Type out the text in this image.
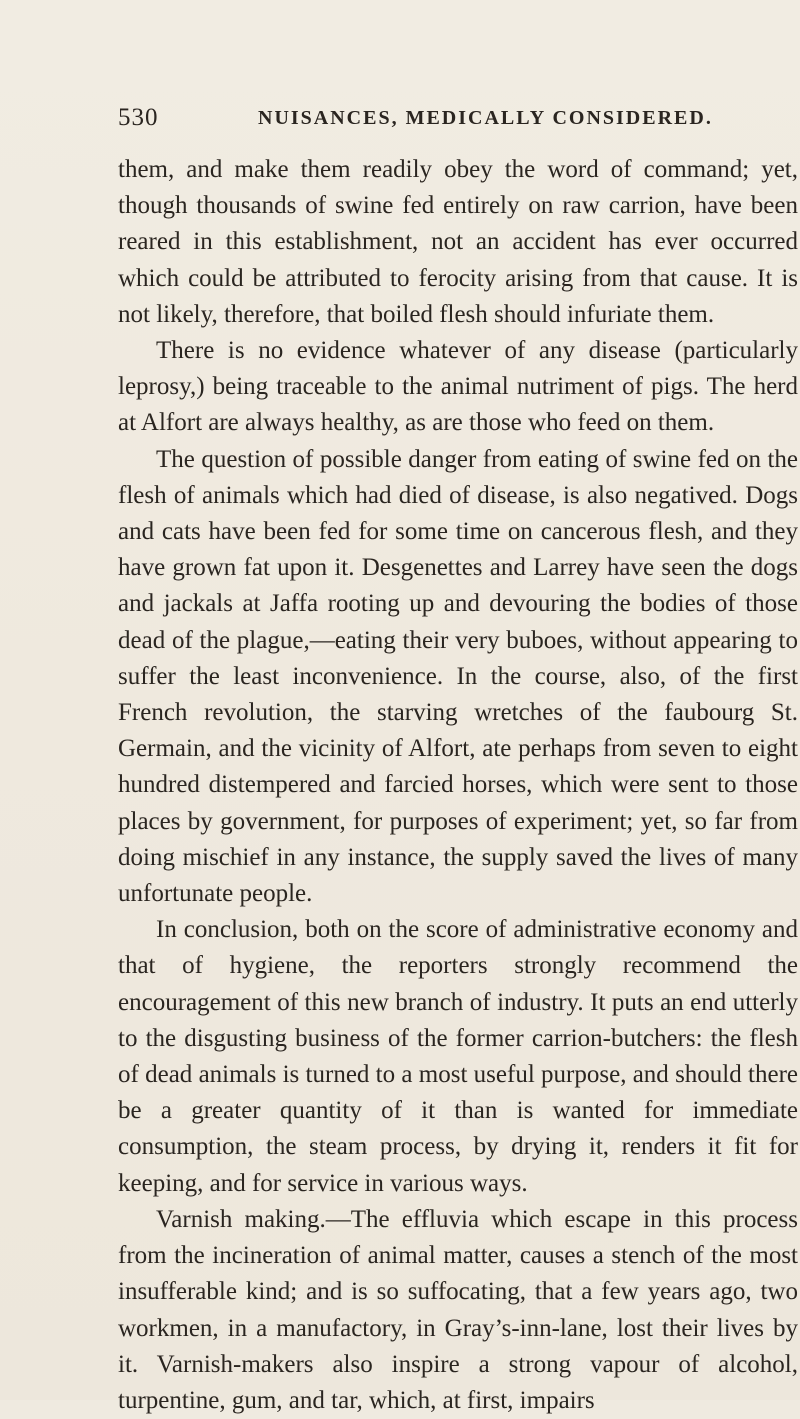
530	NUISANCES, MEDICALLY CONSIDERED.

them, and make them readily obey the word of command; yet, though thousands of swine fed entirely on raw carrion, have been reared in this establishment, not an accident has ever occurred which could be attributed to ferocity arising from that cause. It is not likely, therefore, that boiled flesh should infuriate them.

There is no evidence whatever of any disease (particularly leprosy,) being traceable to the animal nutriment of pigs. The herd at Alfort are always healthy, as are those who feed on them.

The question of possible danger from eating of swine fed on the flesh of animals which had died of disease, is also negatived. Dogs and cats have been fed for some time on cancerous flesh, and they have grown fat upon it. Desgenettes and Larrey have seen the dogs and jackals at Jaffa rooting up and devouring the bodies of those dead of the plague,—eating their very buboes, without appearing to suffer the least inconvenience. In the course, also, of the first French revolution, the starving wretches of the faubourg St. Germain, and the vicinity of Alfort, ate perhaps from seven to eight hundred distempered and farcied horses, which were sent to those places by government, for purposes of experiment; yet, so far from doing mischief in any instance, the supply saved the lives of many unfortunate people.

In conclusion, both on the score of administrative economy and that of hygiene, the reporters strongly recommend the encouragement of this new branch of industry. It puts an end utterly to the disgusting business of the former carrion-butchers: the flesh of dead animals is turned to a most useful purpose, and should there be a greater quantity of it than is wanted for immediate consumption, the steam process, by drying it, renders it fit for keeping, and for service in various ways.

Varnish making.—The effluvia which escape in this process from the incineration of animal matter, causes a stench of the most insufferable kind; and is so suffocating, that a few years ago, two workmen, in a manufactory, in Gray’s-inn-lane, lost their lives by it. Varnish-makers also inspire a strong vapour of alcohol, turpentine, gum, and tar, which, at first, impairs
